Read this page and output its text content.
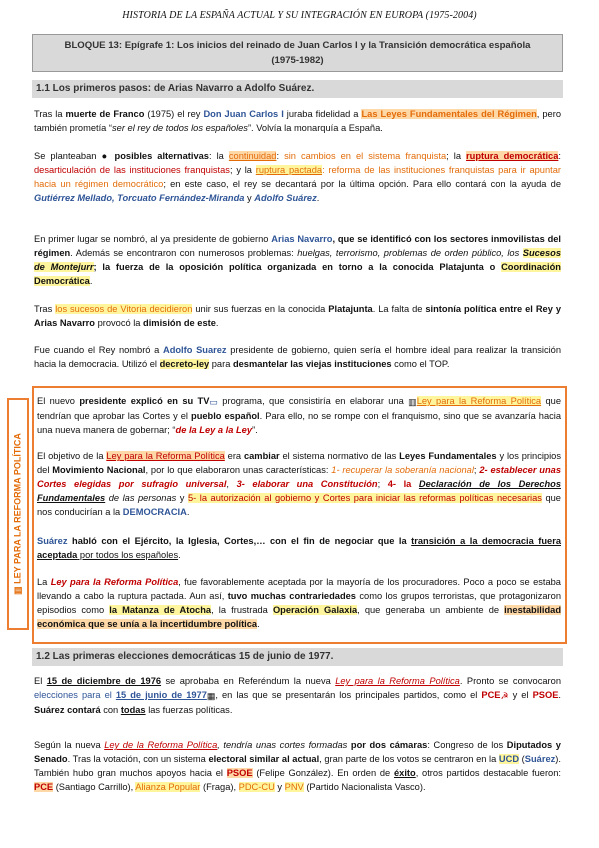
HISTORIA DE LA ESPAÑA ACTUAL Y SU INTEGRACIÓN EN EUROPA (1975-2004)
BLOQUE 13: Epígrafe 1: Los inicios del reinado de Juan Carlos I y la Transición democrática española
(1975-1982)
1.1 Los primeros pasos: de Arias Navarro a Adolfo Suárez.
Tras la muerte de Franco (1975) el rey Don Juan Carlos I juraba fidelidad a Las Leyes Fundamentales del Régimen, pero también prometía “ser el rey de todos los españoles”. Volvía la monarquía a España.
Se planteaban ● posibles alternativas: la continuidad: sin cambios en el sistema franquista; la ruptura democrática: desarticulación de las instituciones franquistas; y la ruptura pactada: reforma de las instituciones franquistas para ir apuntar hacia un régimen democrático; en este caso, el rey se decantará por la última opción. Para ello contará con la ayuda de Gutiérrez Mellado, Torcuato Fernández-Miranda y Adolfo Suárez.
En primer lugar se nombró, al ya presidente de gobierno Arias Navarro, que se identificó con los sectores inmovilistas del régimen. Además se encontraron con numerosos problemas: huelgas, terrorismo, problemas de orden público, los Sucesos de Montejurr; la fuerza de la oposición política organizada en torno a la conocida Platajunta o Coordinación Democrática.
Tras los sucesos de Vitoria decidieron unir sus fuerzas en la conocida Platajunta. La falta de sintonía política entre el Rey y Arias Navarro provocó la dimisión de este.
Fue cuando el Rey nombró a Adolfo Suarez presidente de gobierno, quien sería el hombre ideal para realizar la transición hacia la democracia. Utilizó el decreto-ley para desmantelar las viejas instituciones como el TOP.
▥ LEY PARA LA REFORMA POLÍTICA
El nuevo presidente explicó en su TV▭ programa, que consistiría en elaborar una ▥Ley para la Reforma Política que tendrían que aprobar las Cortes y el pueblo español. Para ello, no se rompe con el franquismo, sino que se avanzaría hacia una nueva manera de gobernar; “de la Ley a la Ley”.
El objetivo de la Ley para la Reforma Política era cambiar el sistema normativo de las Leyes Fundamentales y los principios del Movimiento Nacional, por lo que elaboraron unas características: 1- recuperar la soberanía nacional; 2- establecer unas Cortes elegidas por sufragio universal, 3- elaborar una Constitución; 4- la Declaración de los Derechos Fundamentales de las personas y 5- la autorización al gobierno y Cortes para iniciar las reformas políticas necesarias que nos conducirían a la DEMOCRACIA.
Suárez habló con el Ejército, la Iglesia, Cortes,… con el fin de negociar que la transición a la democracia fuera aceptada por todos los españoles.
La Ley para la Reforma Política, fue favorablemente aceptada por la mayoría de los procuradores. Poco a poco se estaba llevando a cabo la ruptura pactada. Aun así, tuvo muchas contrariedades como los grupos terroristas, que protagonizaron episodios como la Matanza de Atocha, la frustrada Operación Galaxia, que generaba un ambiente de inestabilidad económica que se unía a la incertidumbre política.
1.2 Las primeras elecciones democráticas 15 de junio de 1977.
El 15 de diciembre de 1976 se aprobaba en Referéndum la nueva Ley para la Reforma Política. Pronto se convocaron elecciones para el 15 de junio de 1977▦, en las que se presentarán los principales partidos, como el PCE☭ y el PSOE. Suárez contará con todas las fuerzas políticas.
Según la nueva Ley de la Reforma Política, tendría unas cortes formadas por dos cámaras: Congreso de los Diputados y Senado. Tras la votación, con un sistema electoral similar al actual, gran parte de los votos se centraron en la UCD (Suárez). También hubo gran muchos apoyos hacia el PSOE (Felipe González). En orden de éxito, otros partidos destacable fueron: PCE (Santiago Carrillo), Alianza Popular (Fraga), PDC-CU y PNV (Partido Nacionalista Vasco).
